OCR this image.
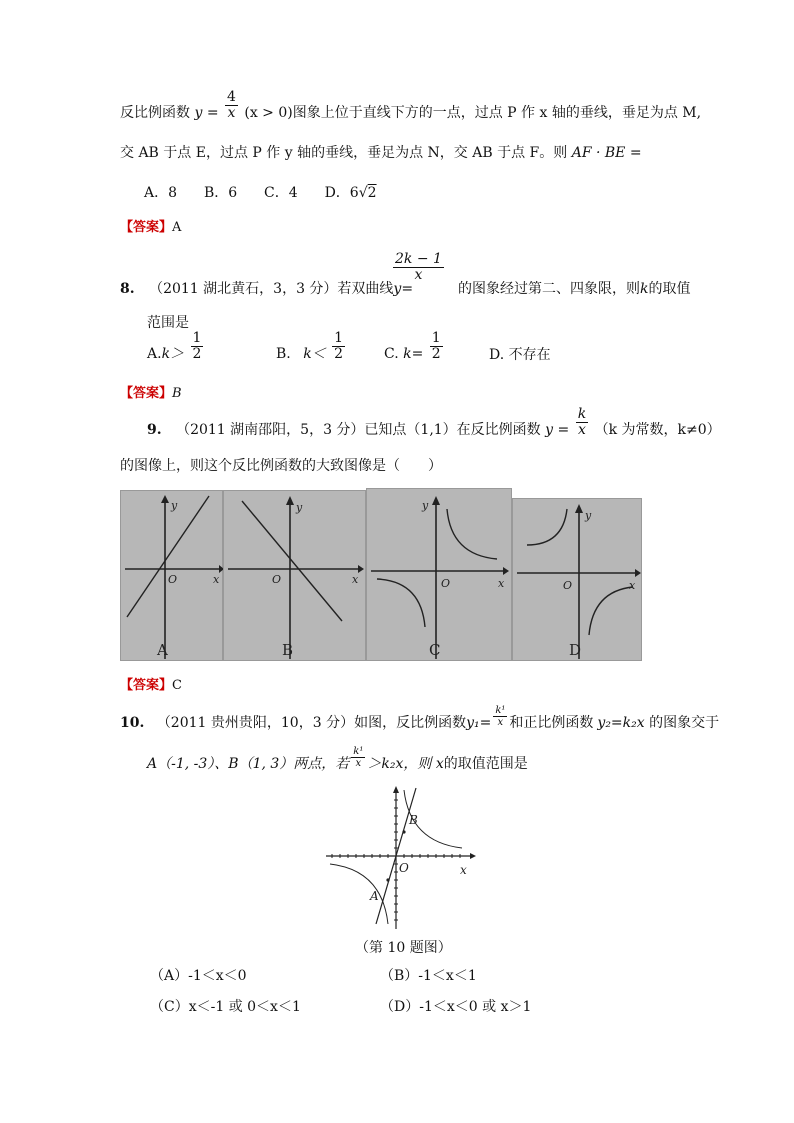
反比例函数 $y = \frac{4}{x} (x > 0)$图象上位于直线下方的一点，过点 P 作 x 轴的垂线，垂足为点 M,
交 AB 于点 E，过点 P 作 y 轴的垂线，垂足为点 N，交 AB 于点 F。则 AF · BE =
A．8 B．6 C．4 D．6√2
【答案】A
$\frac{2k - 1}{x}$
8. （2011 湖北黄石，3，3 分）若双曲线y=	的图象经过第二、四象限，则k的取值
范围是
$A.k> \frac{1}{2}$	B. $k< \frac{1}{2}$	C. $k= \frac{1}{2}$	D. 不存在
【答案】B
9. （2011 湖南邵阳，5，3 分）已知点（1,1）在反比例函数 $y = \frac{k}{x} (k$ 为常数，k≠0）
的图像上，则这个反比例函数的大致图像是（　　）
y
O	x
A
y
O	x
B
y
O	x
C
y
O	x
D
【答案】C
10. （2011 贵州贵阳，10，3 分）如图，反比例函数$y_1= \frac{\text{k¹}}{x}$ 和正比例函数 y₂=k₂x 的图象交于
A（-1, -3）、B（1, 3）两点，若 $\frac{\text{k¹}}{x} >k_2x$，则 x的取值范围是
B
A
O	x
（第 10 题图）
（A）-1＜x＜0	（B）-1＜x＜1
（C）x＜-1 或 0＜x＜1	（D）-1＜x＜0 或 x＞1
